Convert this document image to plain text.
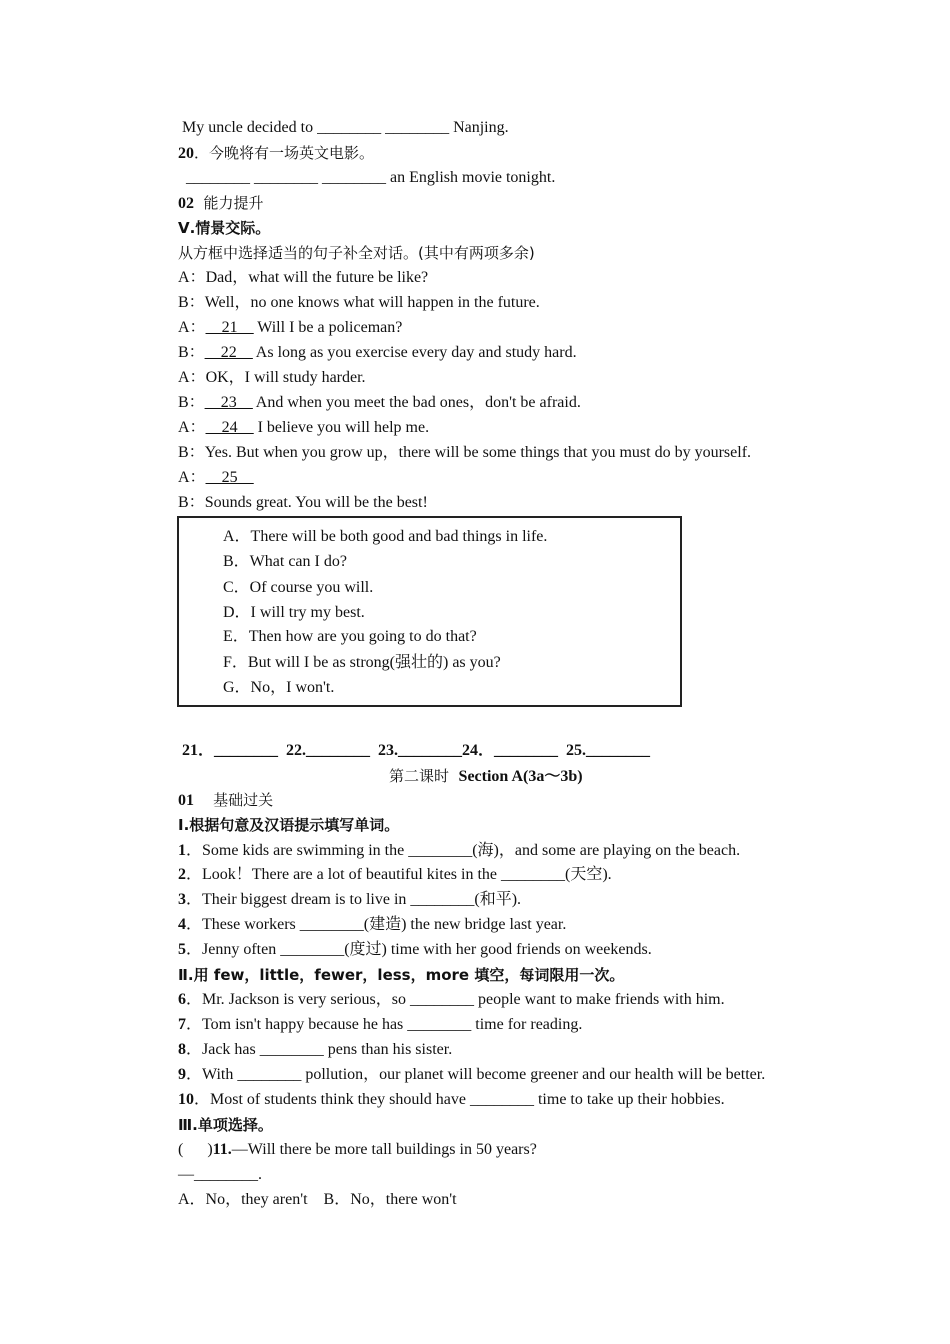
My uncle decided to ________ ________ Nanjing.
20．今晚将有一场英文电影。
________ ________ ________ an English movie tonight.
02  能力提升
Ⅴ.情景交际。
从方框中选择适当的句子补全对话。(其中有两项多余)
A：Dad，what will the future be like?
B：Well，no one knows what will happen in the future.
A：__21__ Will I be a policeman?
B：__22__ As long as you exercise every day and study hard.
A：OK，I will study harder.
B：__23__ And when you meet the bad ones，don't be afraid.
A：__24__ I believe you will help me.
B：Yes. But when you grow up，there will be some things that you must do by yourself.
A：__25__
B：Sounds great. You will be the best!
A．There will be both good and bad things in life.
B．What can I do?
C．Of course you will.
D．I will try my best.
E．Then how are you going to do that?
F．But will I be as strong(强壮的) as you?
G．No，I won't.
21．________  22.________  23.________24．________  25.________
第二课时  Section A(3a～3b)
01    基础过关
Ⅰ.根据句意及汉语提示填写单词。
1．Some kids are swimming in the ________(海)，and some are playing on the beach.
2．Look！There are a lot of beautiful kites in the ________(天空).
3．Their biggest dream is to live in ________(和平).
4．These workers ________(建造) the new bridge last year.
5．Jenny often ________(度过) time with her good friends on weekends.
Ⅱ.用 few，little，fewer，less，more 填空，每词限用一次。
6．Mr. Jackson is very serious，so ________ people want to make friends with him.
7．Tom isn't happy because he has ________ time for reading.
8．Jack has ________ pens than his sister.
9．With ________ pollution，our planet will become greener and our health will be better.
10．Most of students think they should have ________ time to take up their hobbies.
Ⅲ.单项选择。
(      )11.—Will there be more tall buildings in 50 years?
—________.
A．No，they aren't    B．No，there won't
